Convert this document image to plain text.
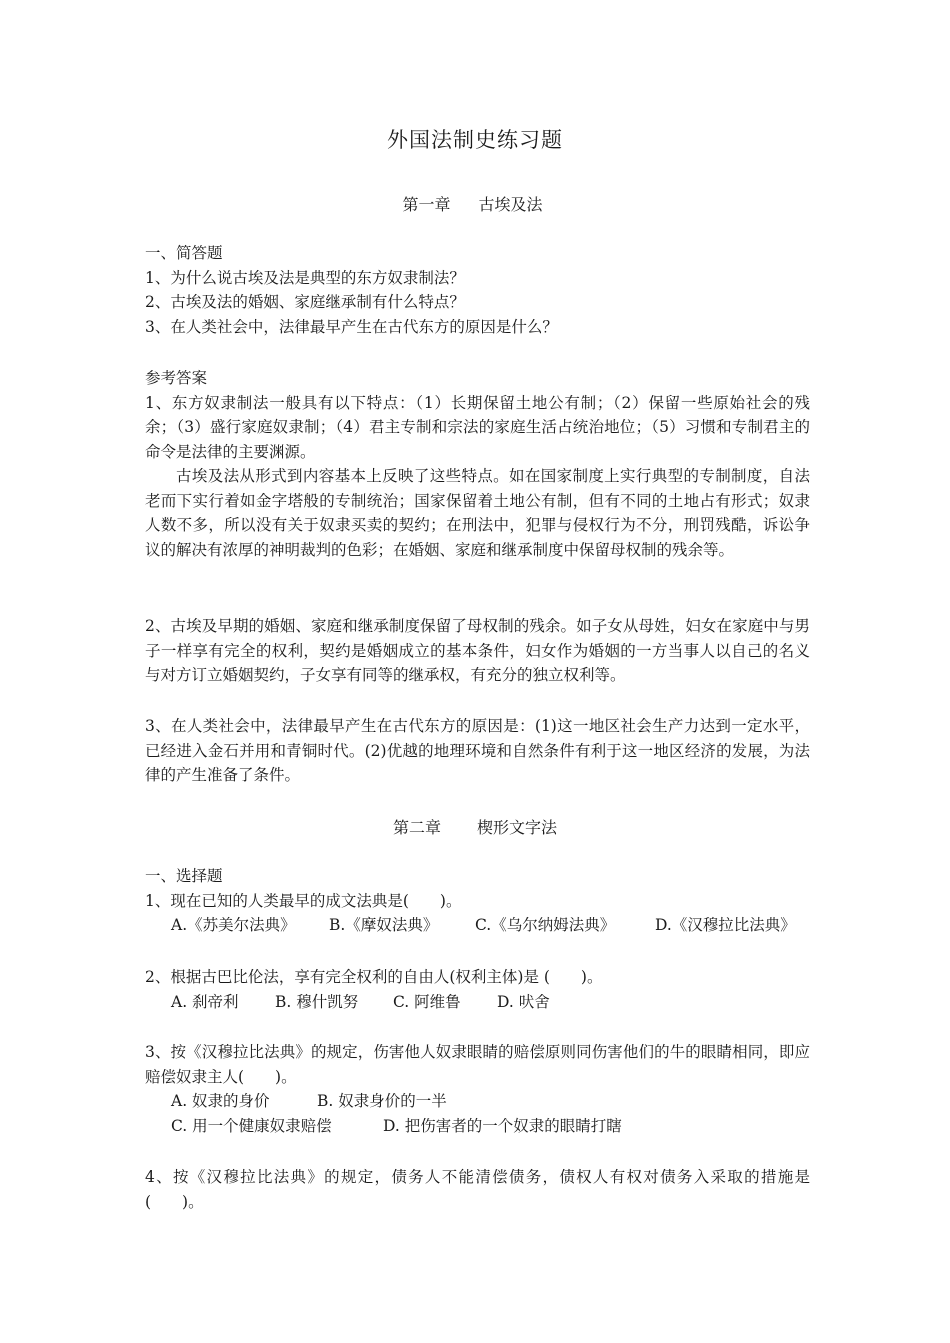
外国法制史练习题
第一章 古埃及法
一、简答题
1、为什么说古埃及法是典型的东方奴隶制法？
2、古埃及法的婚姻、家庭继承制有什么特点？
3、在人类社会中，法律最早产生在古代东方的原因是什么？
参考答案
1、东方奴隶制法一般具有以下特点：（1）长期保留土地公有制；（2）保留一些原始社会的残余；（3）盛行家庭奴隶制；（4）君主专制和宗法的家庭生活占统治地位；（5）习惯和专制君主的命令是法律的主要渊源。
古埃及法从形式到内容基本上反映了这些特点。如在国家制度上实行典型的专制制度，自法老而下实行着如金字塔般的专制统治；国家保留着土地公有制，但有不同的土地占有形式；奴隶人数不多，所以没有关于奴隶买卖的契约；在刑法中，犯罪与侵权行为不分，刑罚残酷，诉讼争议的解决有浓厚的神明裁判的色彩；在婚姻、家庭和继承制度中保留母权制的残余等。
2、古埃及早期的婚姻、家庭和继承制度保留了母权制的残余。如子女从母姓，妇女在家庭中与男子一样享有完全的权利，契约是婚姻成立的基本条件，妇女作为婚姻的一方当事人以自己的名义与对方订立婚姻契约，子女享有同等的继承权，有充分的独立权利等。
3、在人类社会中，法律最早产生在古代东方的原因是：(1)这一地区社会生产力达到一定水平，已经进入金石并用和青铜时代。(2)优越的地理环境和自然条件有利于这一地区经济的发展，为法律的产生准备了条件。
第二章 楔形文字法
一、选择题
1、现在已知的人类最早的成文法典是(　　)。
A.《苏美尔法典》 B.《摩奴法典》 C.《乌尔纳姆法典》	D.《汉穆拉比法典》
2、根据古巴比伦法，享有完全权利的自由人(权利主体)是 (　　)。
A. 刹帝利 B. 穆什凯努 C. 阿维鲁 D. 吠舍
3、按《汉穆拉比法典》的规定，伤害他人奴隶眼睛的赔偿原则同伤害他们的牛的眼睛相同，即应赔偿奴隶主人(　　)。
A. 奴隶的身价	B. 奴隶身价的一半
C. 用一个健康奴隶赔偿	D. 把伤害者的一个奴隶的眼睛打瞎
4、按《汉穆拉比法典》的规定，债务人不能清偿债务，债权人有权对债务入采取的措施是(　　)。
